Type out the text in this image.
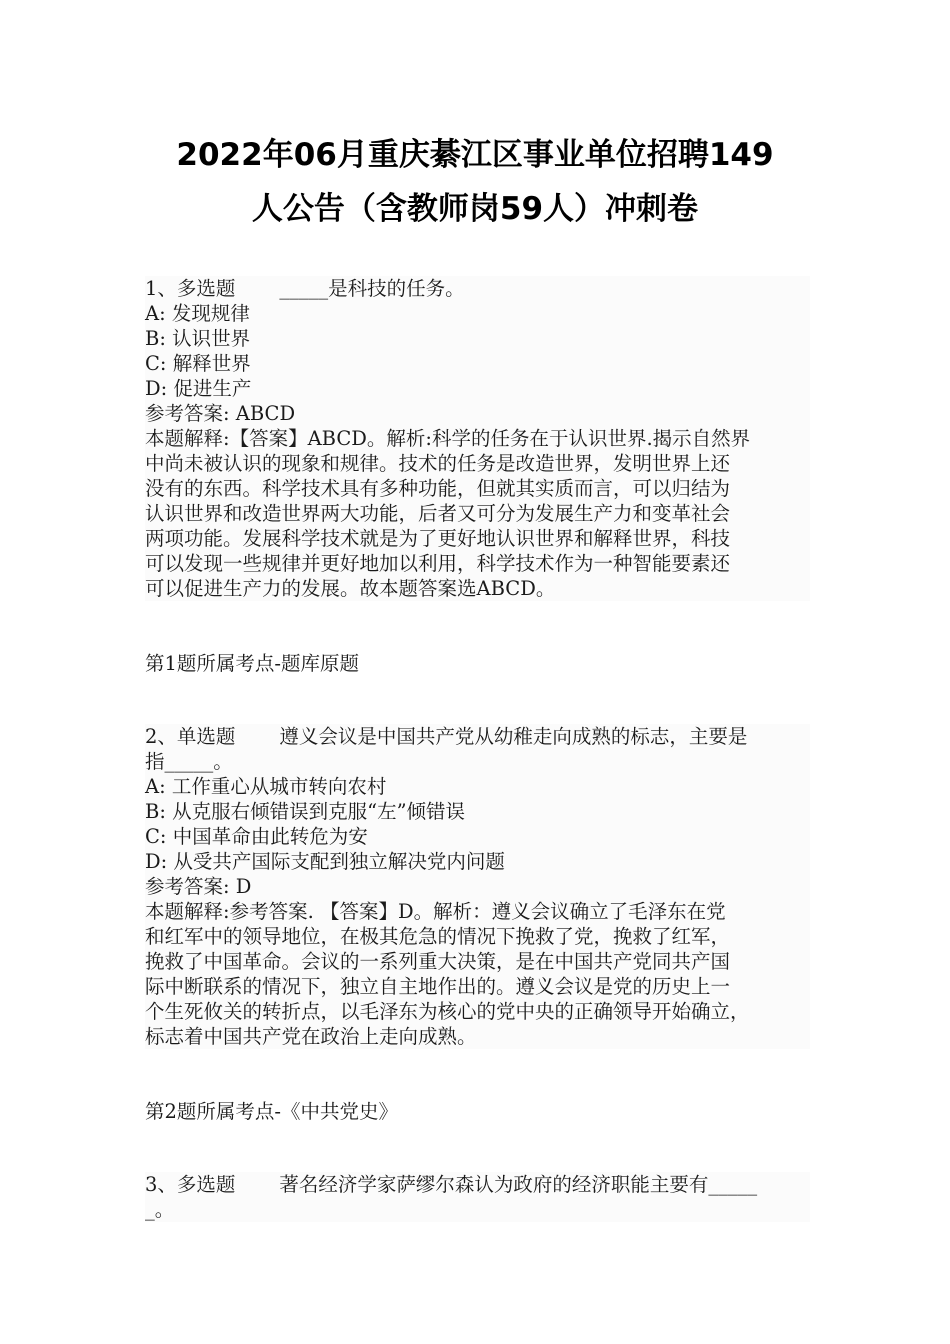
2022年06月重庆綦江区事业单位招聘149
人公告（含教师岗59人）冲刺卷
1、多选题 _____是科技的任务。
A: 发现规律
B: 认识世界
C: 解释世界
D: 促进生产
参考答案: ABCD
本题解释:【答案】ABCD。解析:科学的任务在于认识世界.揭示自然界
中尚未被认识的现象和规律。技术的任务是改造世界，发明世界上还
没有的东西。科学技术具有多种功能，但就其实质而言，可以归结为
认识世界和改造世界两大功能，后者又可分为发展生产力和变革社会
两项功能。发展科学技术就是为了更好地认识世界和解释世界，科技
可以发现一些规律并更好地加以利用，科学技术作为一种智能要素还
可以促进生产力的发展。故本题答案选ABCD。
第1题所属考点-题库原题
2、单选题 遵义会议是中国共产党从幼稚走向成熟的标志，主要是
指_____。
A: 工作重心从城市转向农村
B: 从克服右倾错误到克服“左”倾错误
C: 中国革命由此转危为安
D: 从受共产国际支配到独立解决党内问题
参考答案: D
本题解释:参考答案. 【答案】D。解析：遵义会议确立了毛泽东在党
和红军中的领导地位，在极其危急的情况下挽救了党，挽救了红军，
挽救了中国革命。会议的一系列重大决策，是在中国共产党同共产国
际中断联系的情况下，独立自主地作出的。遵义会议是党的历史上一
个生死攸关的转折点，以毛泽东为核心的党中央的正确领导开始确立，
标志着中国共产党在政治上走向成熟。
第2题所属考点-《中共党史》
3、多选题 著名经济学家萨缪尔森认为政府的经济职能主要有_____
_。
